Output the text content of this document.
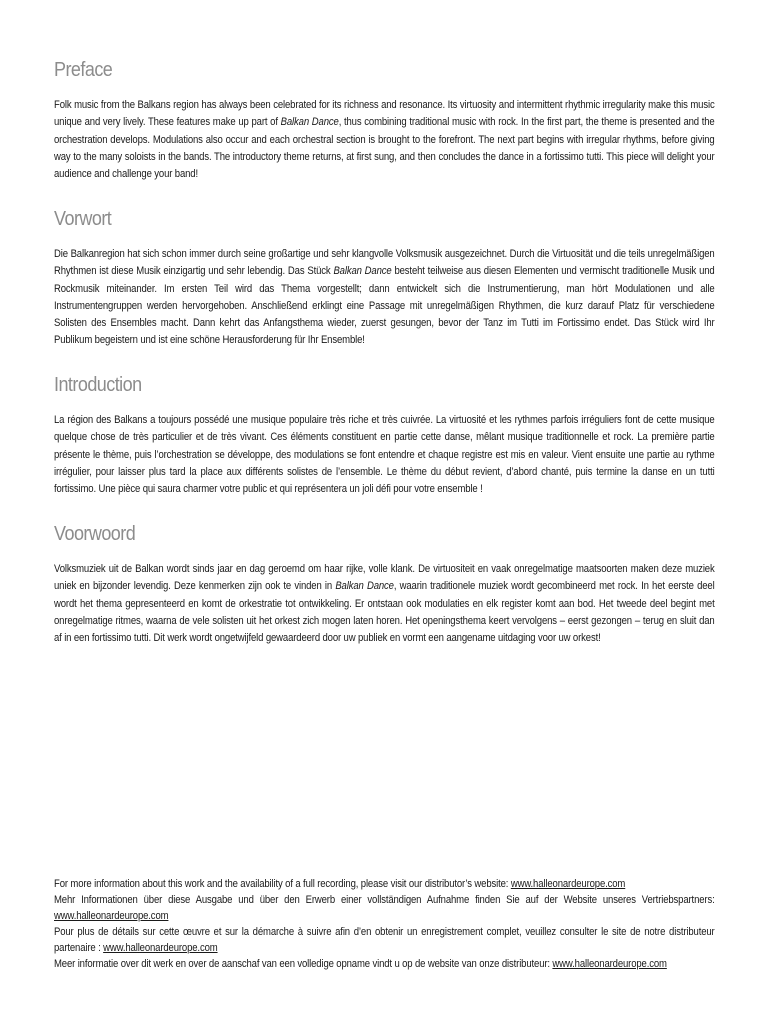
Preface

Folk music from the Balkans region has always been celebrated for its richness and resonance. Its virtuosity and intermittent rhythmic irregularity make this music unique and very lively. These features make up part of Balkan Dance, thus combining traditional music with rock. In the first part, the theme is presented and the orchestration develops. Modulations also occur and each orchestral section is brought to the forefront. The next part begins with irregular rhythms, before giving way to the many soloists in the bands. The introductory theme returns, at first sung, and then concludes the dance in a fortissimo tutti. This piece will delight your audience and challenge your band!

Vorwort

Die Balkanregion hat sich schon immer durch seine großartige und sehr klangvolle Volksmusik ausgezeichnet. Durch die Virtuosität und die teils unregelmäßigen Rhythmen ist diese Musik einzigartig und sehr lebendig. Das Stück Balkan Dance besteht teilweise aus diesen Elementen und vermischt traditionelle Musik und Rockmusik miteinander. Im ersten Teil wird das Thema vorgestellt; dann entwickelt sich die Instrumentierung, man hört Modulationen und alle Instrumentengruppen werden hervorgehoben. Anschließend erklingt eine Passage mit unregelmäßigen Rhythmen, die kurz darauf Platz für verschiedene Solisten des Ensembles macht. Dann kehrt das Anfangsthema wieder, zuerst gesungen, bevor der Tanz im Tutti im Fortissimo endet. Das Stück wird Ihr Publikum begeistern und ist eine schöne Herausforderung für Ihr Ensemble!

Introduction

La région des Balkans a toujours possédé une musique populaire très riche et très cuivrée. La virtuosité et les rythmes parfois irréguliers font de cette musique quelque chose de très particulier et de très vivant. Ces éléments constituent en partie cette danse, mêlant musique traditionnelle et rock. La première partie présente le thème, puis l’orchestration se développe, des modulations se font entendre et chaque registre est mis en valeur. Vient ensuite une partie au rythme irrégulier, pour laisser plus tard la place aux différents solistes de l’ensemble. Le thème du début revient, d’abord chanté, puis termine la danse en un tutti fortissimo. Une pièce qui saura charmer votre public et qui représentera un joli défi pour votre ensemble !

Voorwoord

Volksmuziek uit de Balkan wordt sinds jaar en dag geroemd om haar rijke, volle klank. De virtuositeit en vaak onregelmatige maatsoorten maken deze muziek uniek en bijzonder levendig. Deze kenmerken zijn ook te vinden in Balkan Dance, waarin traditionele muziek wordt gecombineerd met rock. In het eerste deel wordt het thema gepresenteerd en komt de orkestratie tot ontwikkeling. Er ontstaan ook modulaties en elk register komt aan bod. Het tweede deel begint met onregelmatige ritmes, waarna de vele solisten uit het orkest zich mogen laten horen. Het openingsthema keert vervolgens – eerst gezongen – terug en sluit dan af in een fortissimo tutti. Dit werk wordt ongetwijfeld gewaardeerd door uw publiek en vormt een aangename uitdaging voor uw orkest!

For more information about this work and the availability of a full recording, please visit our distributor’s website: www.halleonardeurope.com
Mehr Informationen über diese Ausgabe und über den Erwerb einer vollständigen Aufnahme finden Sie auf der Website unseres Vertriebspartners: www.halleonardeurope.com
Pour plus de détails sur cette œuvre et sur la démarche à suivre afin d’en obtenir un enregistrement complet, veuillez consulter le site de notre distributeur partenaire : www.halleonardeurope.com
Meer informatie over dit werk en over de aanschaf van een volledige opname vindt u op de website van onze distributeur: www.halleonardeurope.com
